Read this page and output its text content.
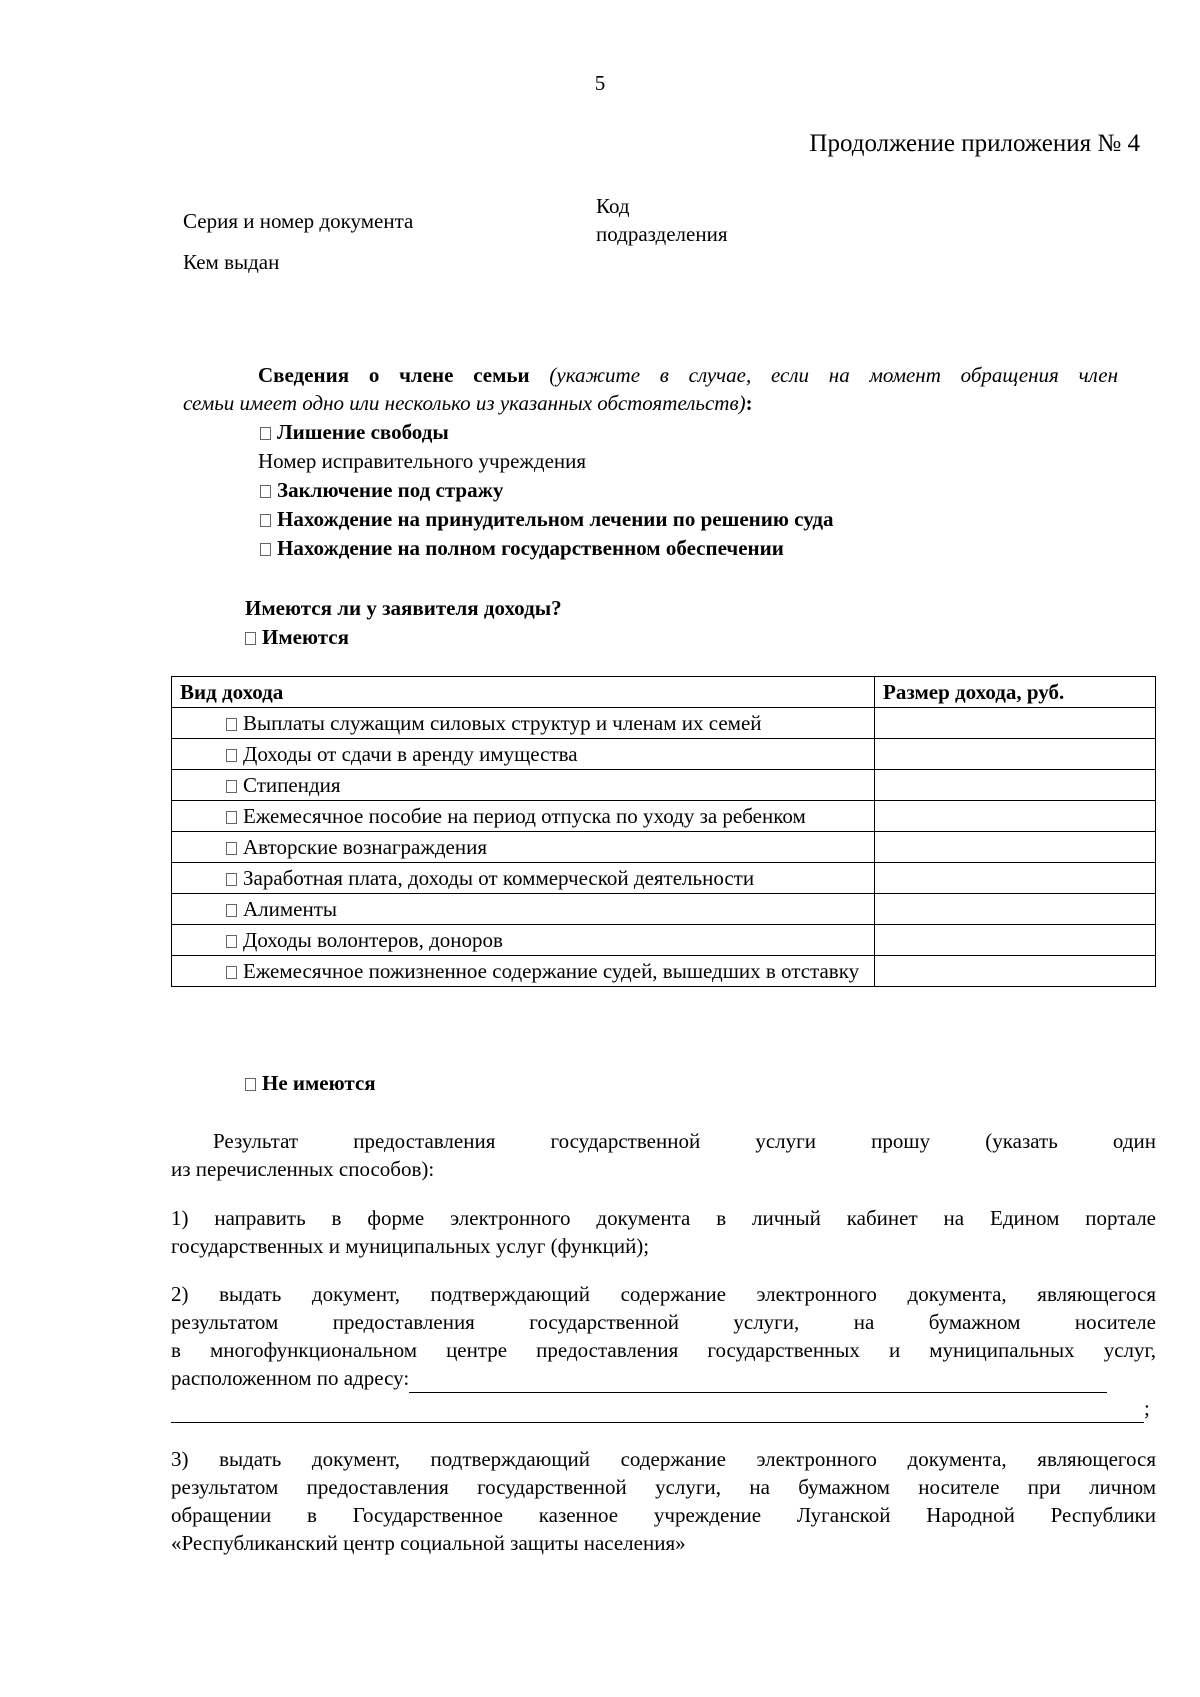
5
Продолжение приложения № 4
Серия и номер документа
Код
подразделения
Кем выдан
Сведения о члене семьи (укажите в случае, если на момент обращения член
семьи имеет одно или несколько из указанных обстоятельств):
Лишение свободы
Номер исправительного учреждения
Заключение под стражу
Нахождение на принудительном лечении по решению суда
Нахождение на полном государственном обеспечении
Имеются ли у заявителя доходы?
Имеются
Вид дохода	Размер дохода, руб.

Выплаты служащим силовых структур и членам их семей	

Доходы от сдачи в аренду имущества	

Стипендия	

Ежемесячное пособие на период отпуска по уходу за ребенком	

Авторские вознаграждения	

Заработная плата, доходы от коммерческой деятельности	

Алименты	

Доходы волонтеров, доноров	

Ежемесячное пожизненное содержание судей, вышедших в отставку	
Не имеются
Результат предоставления государственной услуги прошу (указать один
из перечисленных способов):
1) направить в форме электронного документа в личный кабинет на Едином портале
государственных и муниципальных услуг (функций);
2) выдать документ, подтверждающий содержание электронного документа, являющегося
результатом предоставления государственной услуги, на бумажном носителе
в многофункциональном центре предоставления государственных и муниципальных услуг,
расположенном по адресу:
;
3) выдать документ, подтверждающий содержание электронного документа, являющегося
результатом предоставления государственной услуги, на бумажном носителе при личном
обращении в Государственное казенное учреждение Луганской Народной Республики
«Республиканский центр социальной защиты населения»
